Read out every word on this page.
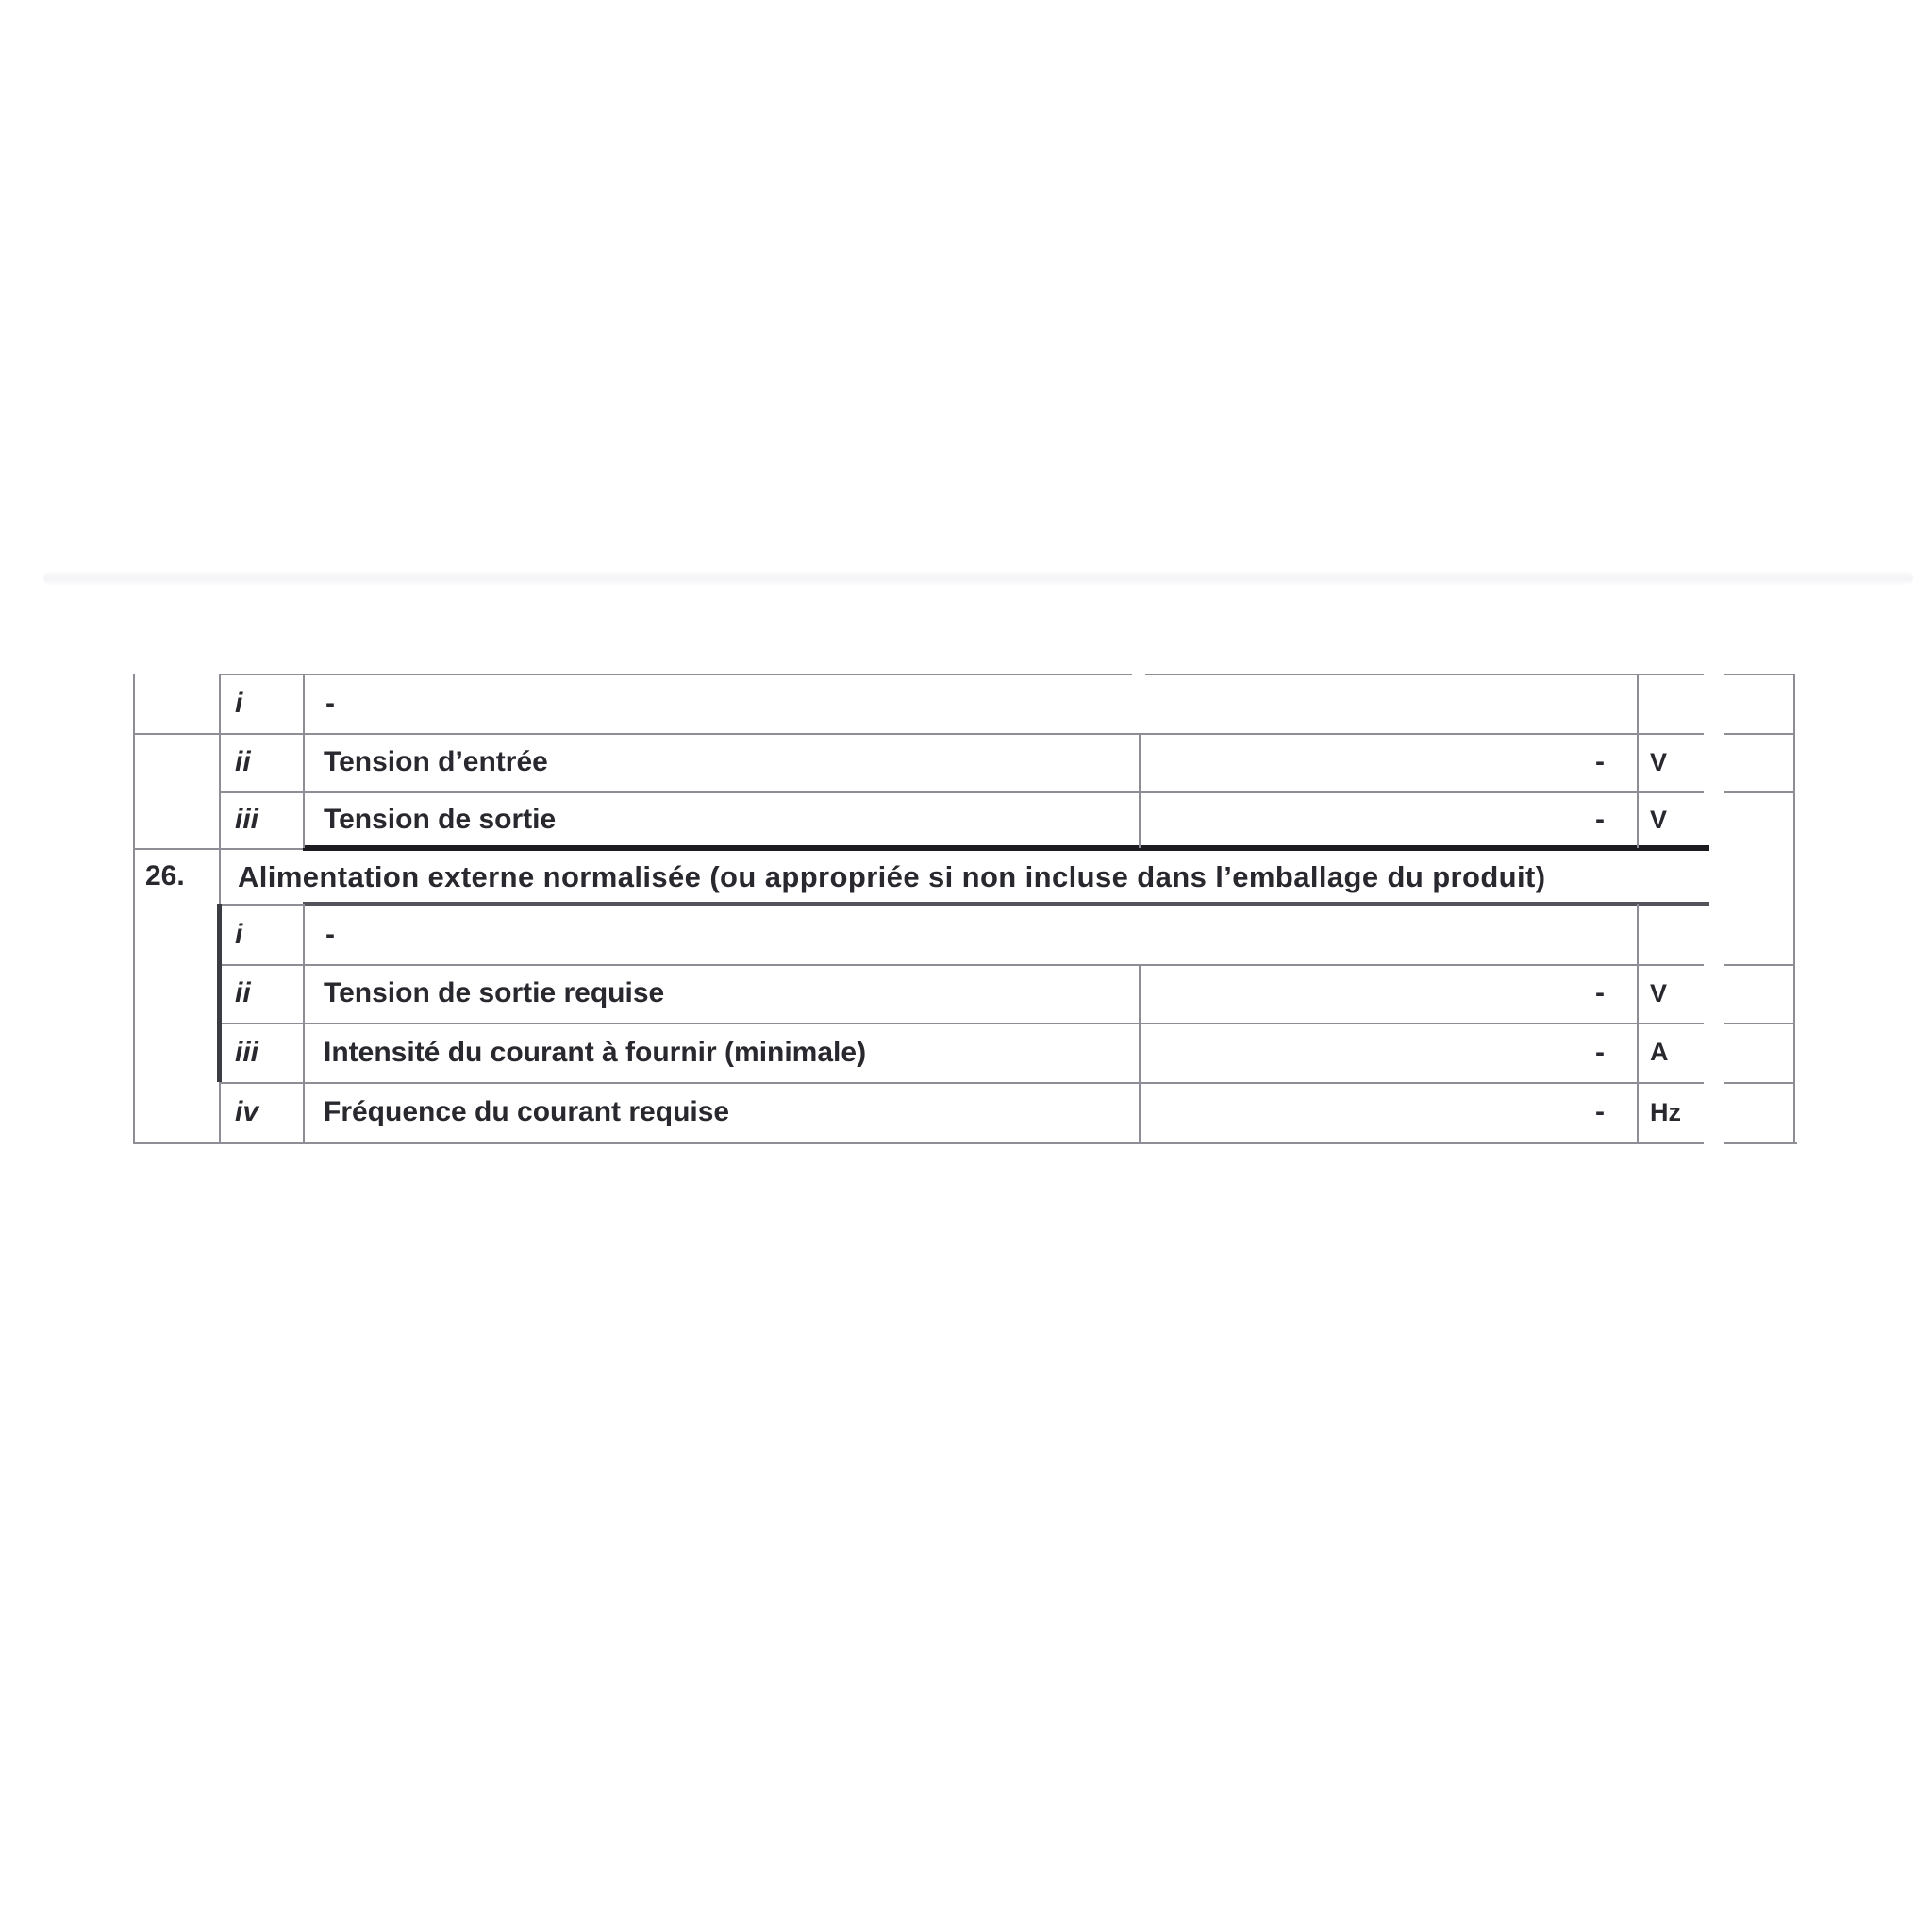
i	-
ii	Tension d’entrée	-	V
iii	Tension de sortie	-	V
26.	Alimentation externe normalisée (ou appropriée si non incluse dans l’emballage du produit)
i	-
ii	Tension de sortie requise	-	V
iii	Intensité du courant à fournir (minimale)	-	A
iv	Fréquence du courant requise	-	Hz
